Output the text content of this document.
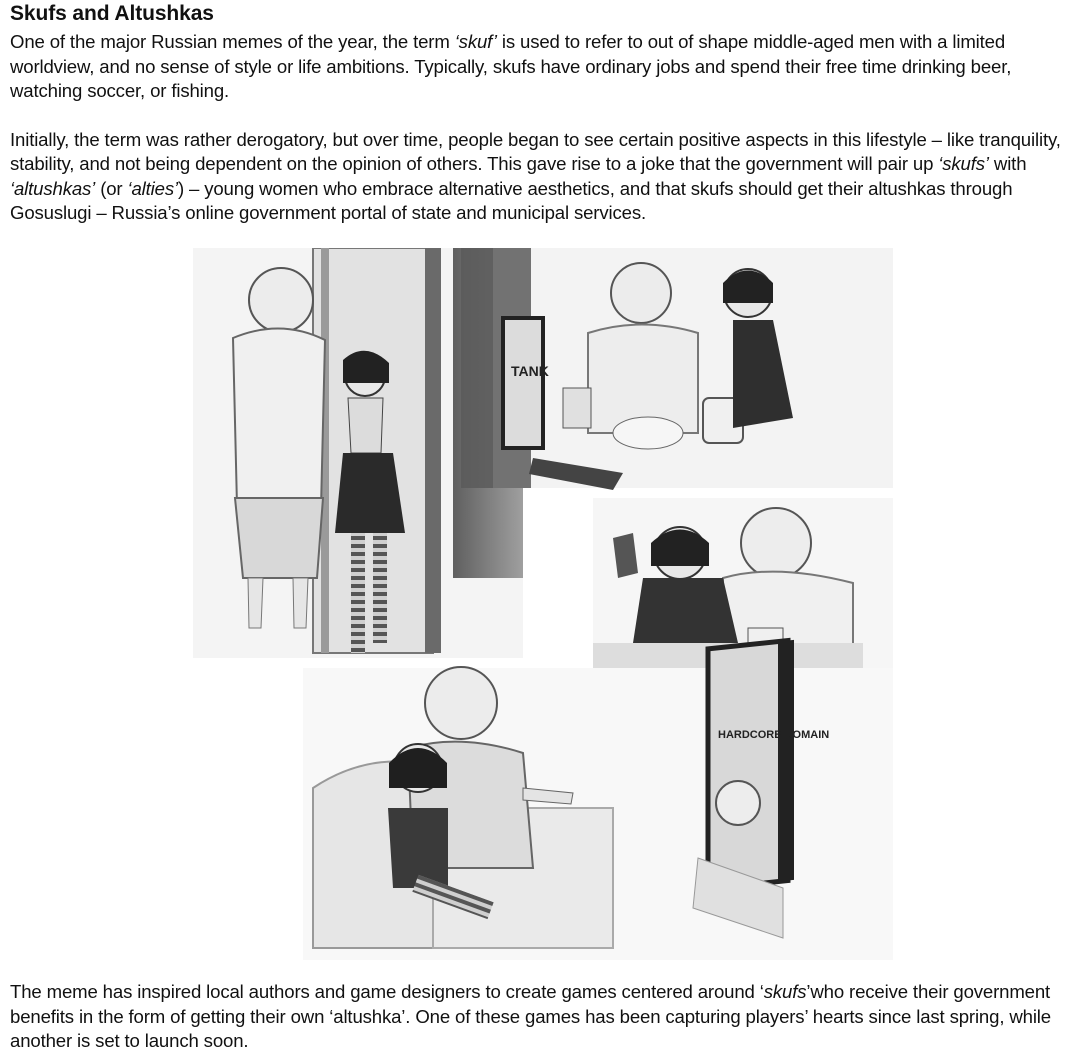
Skufs and Altushkas

One of the major Russian memes of the year, the term ‘skuf’ is used to refer to out of shape middle-aged men with a limited worldview, and no sense of style or life ambitions. Typically, skufs have ordinary jobs and spend their free time drinking beer, watching soccer, or fishing.

Initially, the term was rather derogatory, but over time, people began to see certain positive aspects in this lifestyle – like tranquility, stability, and not being dependent on the opinion of others. This gave rise to a joke that the government will pair up ‘skufs’ with ‘altushkas’ (or ‘alties’) – young women who embrace alternative aesthetics, and that skufs should get their altushkas through Gosuslugi – Russia’s online government portal of state and municipal services.

TANK
HARDCORE DOMAIN

The meme has inspired local authors and game designers to create games centered around ‘skufs’who receive their government benefits in the form of getting their own ‘altushka’. One of these games has been capturing players’ hearts since last spring, while another is set to launch soon.
